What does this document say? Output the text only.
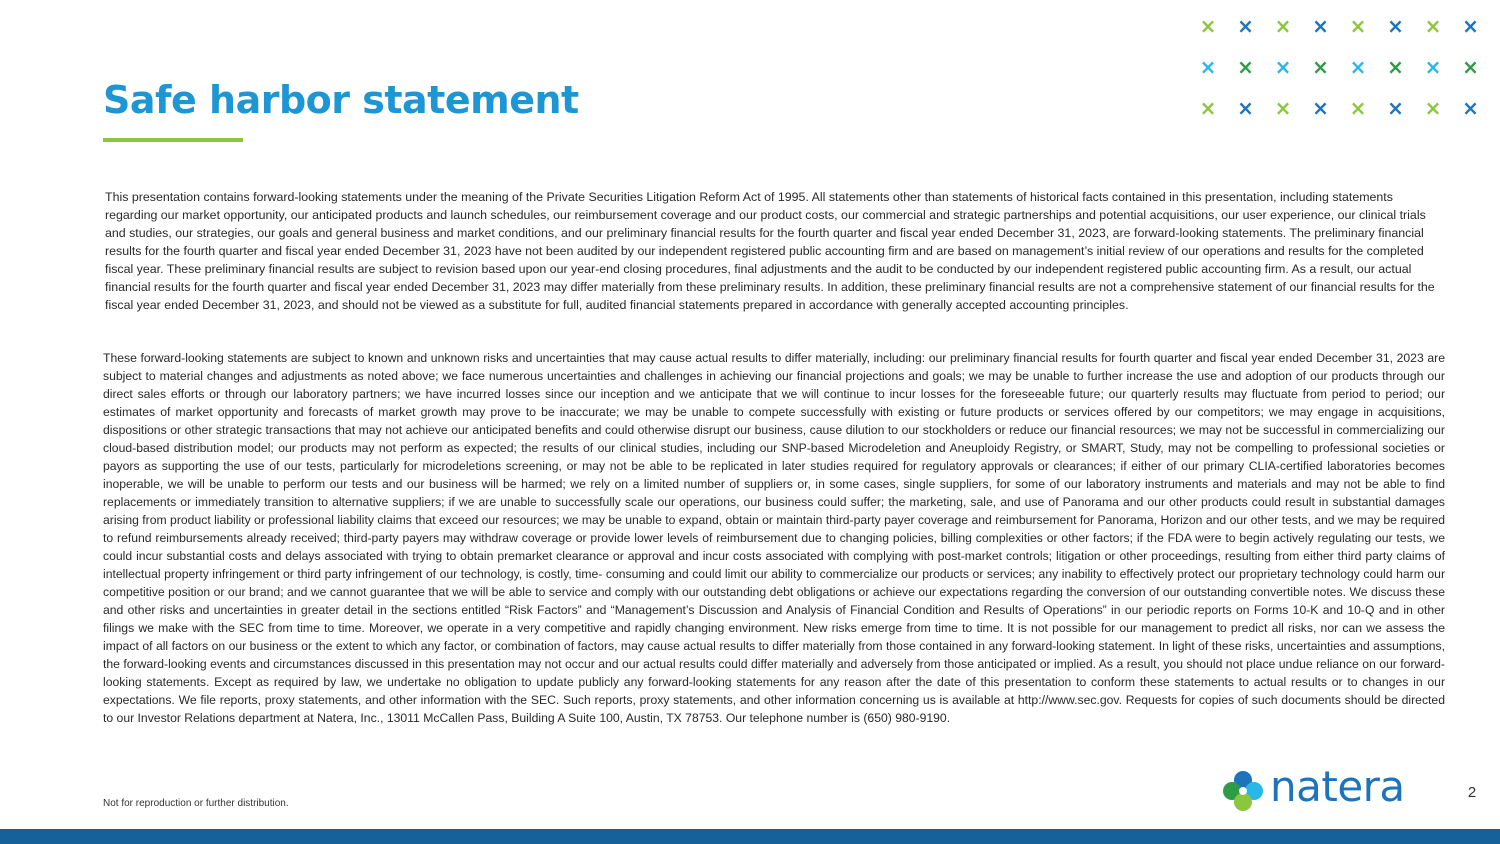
Safe harbor statement
× × × × × × × ×
× × × × × × × ×
× × × × × × × ×

This presentation contains forward-looking statements under the meaning of the Private Securities Litigation Reform Act of 1995. All statements other than statements of historical facts contained in this presentation, including statements regarding our market opportunity, our anticipated products and launch schedules, our reimbursement coverage and our product costs, our commercial and strategic partnerships and potential acquisitions, our user experience, our clinical trials and studies, our strategies, our goals and general business and market conditions, and our preliminary financial results for the fourth quarter and fiscal year ended December 31, 2023, are forward-looking statements. The preliminary financial results for the fourth quarter and fiscal year ended December 31, 2023 have not been audited by our independent registered public accounting firm and are based on management’s initial review of our operations and results for the completed fiscal year. These preliminary financial results are subject to revision based upon our year-end closing procedures, final adjustments and the audit to be conducted by our independent registered public accounting firm. As a result, our actual financial results for the fourth quarter and fiscal year ended December 31, 2023 may differ materially from these preliminary results. In addition, these preliminary financial results are not a comprehensive statement of our financial results for the fiscal year ended December 31, 2023, and should not be viewed as a substitute for full, audited financial statements prepared in accordance with generally accepted accounting principles.

These forward-looking statements are subject to known and unknown risks and uncertainties that may cause actual results to differ materially, including: our preliminary financial results for fourth quarter and fiscal year ended December 31, 2023 are subject to material changes and adjustments as noted above; we face numerous uncertainties and challenges in achieving our financial projections and goals; we may be unable to further increase the use and adoption of our products through our direct sales efforts or through our laboratory partners; we have incurred losses since our inception and we anticipate that we will continue to incur losses for the foreseeable future; our quarterly results may fluctuate from period to period; our estimates of market opportunity and forecasts of market growth may prove to be inaccurate; we may be unable to compete successfully with existing or future products or services offered by our competitors; we may engage in acquisitions, dispositions or other strategic transactions that may not achieve our anticipated benefits and could otherwise disrupt our business, cause dilution to our stockholders or reduce our financial resources; we may not be successful in commercializing our cloud-based distribution model; our products may not perform as expected; the results of our clinical studies, including our SNP-based Microdeletion and Aneuploidy Registry, or SMART, Study, may not be compelling to professional societies or payors as supporting the use of our tests, particularly for microdeletions screening, or may not be able to be replicated in later studies required for regulatory approvals or clearances; if either of our primary CLIA-certified laboratories becomes inoperable, we will be unable to perform our tests and our business will be harmed; we rely on a limited number of suppliers or, in some cases, single suppliers, for some of our laboratory instruments and materials and may not be able to find replacements or immediately transition to alternative suppliers; if we are unable to successfully scale our operations, our business could suffer; the marketing, sale, and use of Panorama and our other products could result in substantial damages arising from product liability or professional liability claims that exceed our resources; we may be unable to expand, obtain or maintain third-party payer coverage and reimbursement for Panorama, Horizon and our other tests, and we may be required to refund reimbursements already received; third-party payers may withdraw coverage or provide lower levels of reimbursement due to changing policies, billing complexities or other factors; if the FDA were to begin actively regulating our tests, we could incur substantial costs and delays associated with trying to obtain premarket clearance or approval and incur costs associated with complying with post-market controls; litigation or other proceedings, resulting from either third party claims of intellectual property infringement or third party infringement of our technology, is costly, time- consuming and could limit our ability to commercialize our products or services; any inability to effectively protect our proprietary technology could harm our competitive position or our brand; and we cannot guarantee that we will be able to service and comply with our outstanding debt obligations or achieve our expectations regarding the conversion of our outstanding convertible notes. We discuss these and other risks and uncertainties in greater detail in the sections entitled “Risk Factors” and “Management’s Discussion and Analysis of Financial Condition and Results of Operations” in our periodic reports on Forms 10-K and 10-Q and in other filings we make with the SEC from time to time. Moreover, we operate in a very competitive and rapidly changing environment. New risks emerge from time to time. It is not possible for our management to predict all risks, nor can we assess the impact of all factors on our business or the extent to which any factor, or combination of factors, may cause actual results to differ materially from those contained in any forward-looking statement. In light of these risks, uncertainties and assumptions, the forward-looking events and circumstances discussed in this presentation may not occur and our actual results could differ materially and adversely from those anticipated or implied. As a result, you should not place undue reliance on our forward-looking statements. Except as required by law, we undertake no obligation to update publicly any forward-looking statements for any reason after the date of this presentation to conform these statements to actual results or to changes in our expectations. We file reports, proxy statements, and other information with the SEC. Such reports, proxy statements, and other information concerning us is available at http://www.sec.gov. Requests for copies of such documents should be directed to our Investor Relations department at Natera, Inc., 13011 McCallen Pass, Building A Suite 100, Austin, TX 78753. Our telephone number is (650) 980-9190.

Not for reproduction or further distribution.	natera	2
